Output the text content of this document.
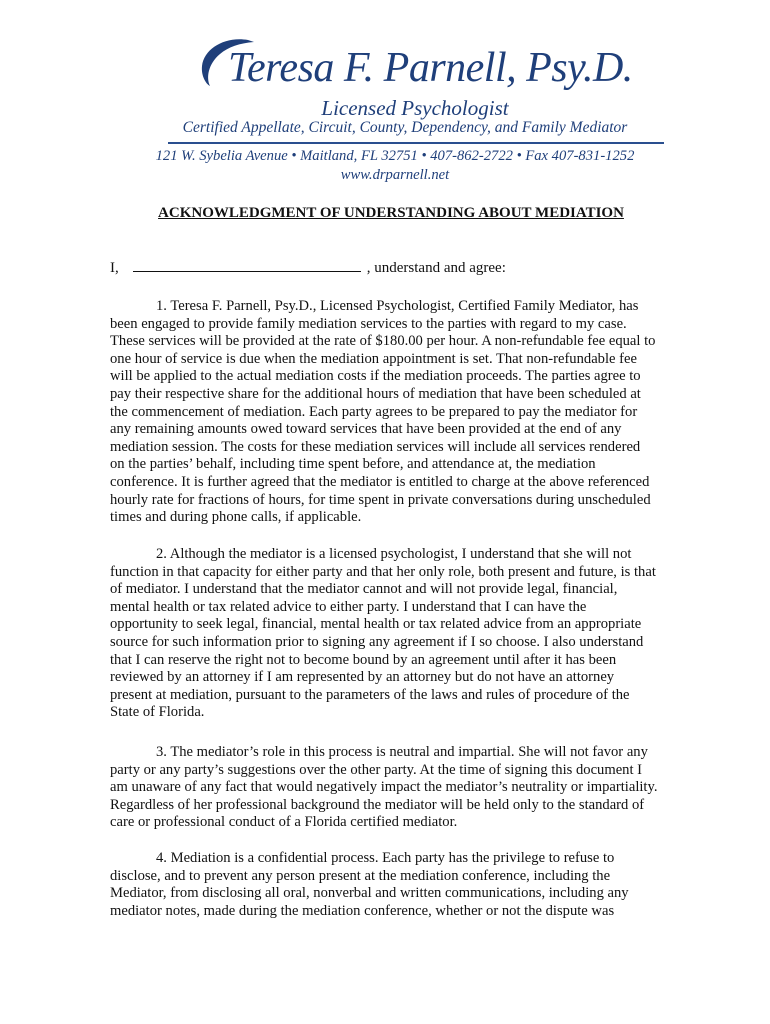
Teresa F. Parnell, Psy.D.
Licensed Psychologist
Certified Appellate, Circuit, County, Dependency, and Family Mediator
121 W. Sybelia Avenue • Maitland, FL 32751 • 407-862-2722 • Fax 407-831-1252
www.drparnell.net
ACKNOWLEDGMENT OF UNDERSTANDING ABOUT MEDIATION
I,	, understand and agree:

1. Teresa F. Parnell, Psy.D., Licensed Psychologist, Certified Family Mediator, has been engaged to provide family mediation services to the parties with regard to my case. These services will be provided at the rate of $180.00 per hour. A non-refundable fee equal to one hour of service is due when the mediation appointment is set. That non-refundable fee will be applied to the actual mediation costs if the mediation proceeds. The parties agree to pay their respective share for the additional hours of mediation that have been scheduled at the commencement of mediation. Each party agrees to be prepared to pay the mediator for any remaining amounts owed toward services that have been provided at the end of any mediation session. The costs for these mediation services will include all services rendered on the parties’ behalf, including time spent before, and attendance at, the mediation conference. It is further agreed that the mediator is entitled to charge at the above referenced hourly rate for fractions of hours, for time spent in private conversations during unscheduled times and during phone calls, if applicable.

2. Although the mediator is a licensed psychologist, I understand that she will not function in that capacity for either party and that her only role, both present and future, is that of mediator. I understand that the mediator cannot and will not provide legal, financial, mental health or tax related advice to either party. I understand that I can have the opportunity to seek legal, financial, mental health or tax related advice from an appropriate source for such information prior to signing any agreement if I so choose. I also understand that I can reserve the right not to become bound by an agreement until after it has been reviewed by an attorney if I am represented by an attorney but do not have an attorney present at mediation, pursuant to the parameters of the laws and rules of procedure of the State of Florida.

3. The mediator’s role in this process is neutral and impartial. She will not favor any party or any party’s suggestions over the other party. At the time of signing this document I am unaware of any fact that would negatively impact the mediator’s neutrality or impartiality. Regardless of her professional background the mediator will be held only to the standard of care or professional conduct of a Florida certified mediator.

4. Mediation is a confidential process. Each party has the privilege to refuse to disclose, and to prevent any person present at the mediation conference, including the Mediator, from disclosing all oral, nonverbal and written communications, including any mediator notes, made during the mediation conference, whether or not the dispute was
